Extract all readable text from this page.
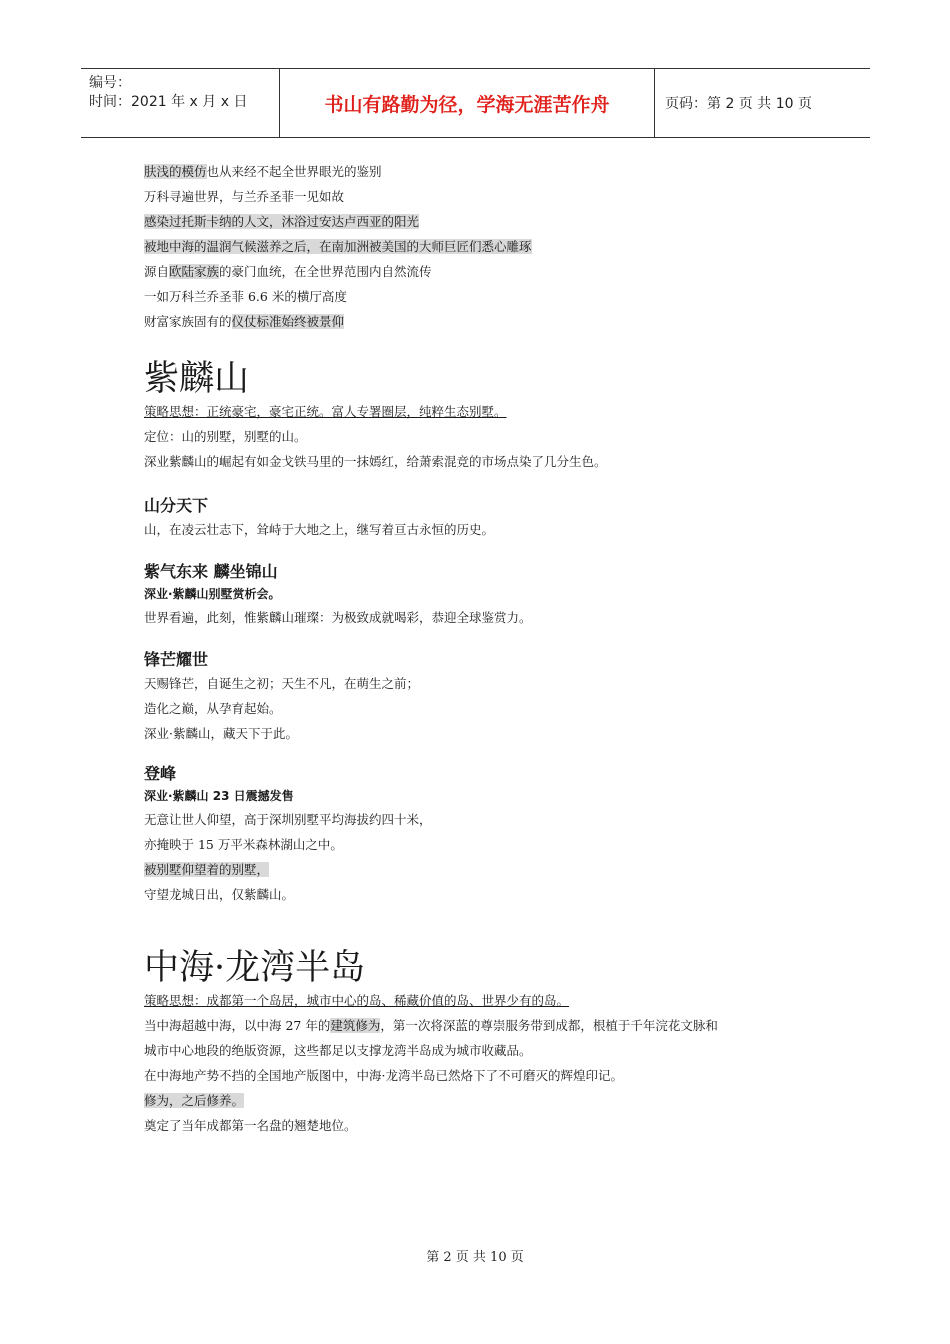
编号：
时间：2021 年 x 月 x 日	书山有路勤为径，学海无涯苦作舟	页码：第 2 页 共 10 页
肤浅的模仿也从来经不起全世界眼光的鉴别
万科寻遍世界，与兰乔圣菲一见如故
感染过托斯卡纳的人文，沐浴过安达卢西亚的阳光
被地中海的温润气候滋养之后，在南加洲被美国的大师巨匠们悉心雕琢
源自欧陆家族的豪门血统，在全世界范围内自然流传
一如万科兰乔圣菲 6.6 米的横厅高度
财富家族固有的仪仗标准始终被景仰
紫麟山
策略思想：正统豪宅，豪宅正统。富人专署圈层，纯粹生态别墅。
定位：山的别墅，别墅的山。
深业紫麟山的崛起有如金戈铁马里的一抹嫣红，给萧索混竞的市场点染了几分生色。
山分天下
山，在凌云壮志下，耸峙于大地之上，继写着亘古永恒的历史。
紫气东来 麟坐锦山
深业·紫麟山别墅赏析会。
世界看遍，此刻，惟紫麟山璀璨：为极致成就喝彩，恭迎全球鉴赏力。
锋芒耀世
天赐锋芒，自诞生之初；天生不凡，在萌生之前；
造化之巅，从孕育起始。
深业·紫麟山，藏天下于此。
登峰
深业·紫麟山 23 日震撼发售
无意让世人仰望，高于深圳别墅平均海拔约四十米，
亦掩映于 15 万平米森林湖山之中。
被别墅仰望着的别墅，
守望龙城日出，仅紫麟山。
中海·龙湾半岛
策略思想：成都第一个岛居，城市中心的岛、稀藏价值的岛、世界少有的岛。
当中海超越中海，以中海 27 年的建筑修为，第一次将深蓝的尊崇服务带到成都，根植于千年浣花文脉和
城市中心地段的绝版资源，这些都足以支撑龙湾半岛成为城市收藏品。
在中海地产势不挡的全国地产版图中，中海·龙湾半岛已然烙下了不可磨灭的辉煌印记。
修为，之后修养。
奠定了当年成都第一名盘的翘楚地位。
第 2 页 共 10 页
